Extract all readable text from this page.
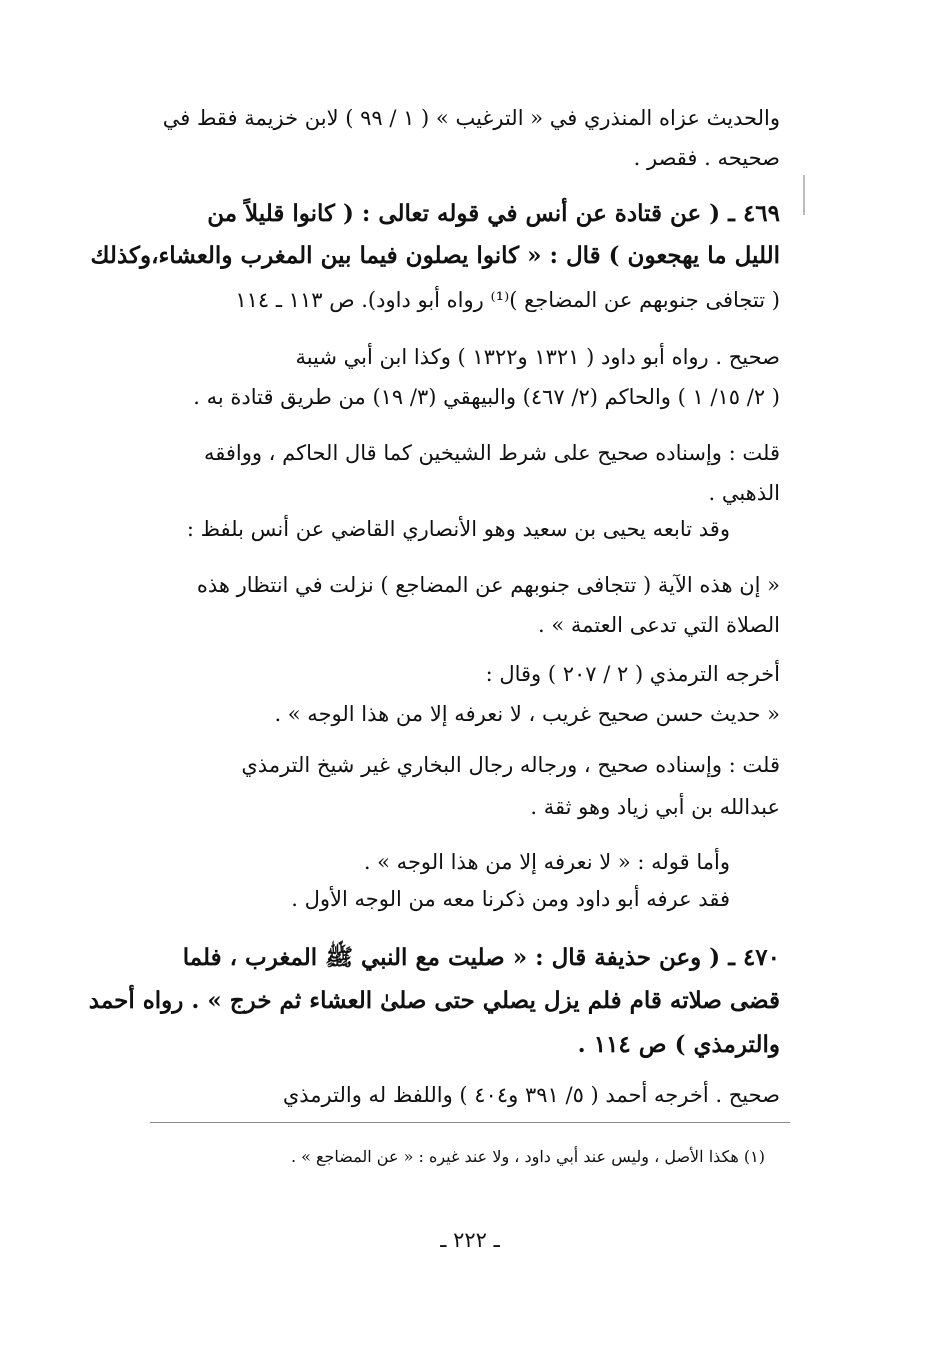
والحديث عزاه المنذري في « الترغيب » ( ١ / ٩٩ ) لابن خزيمة فقط في
صحيحه . فقصر .
٤٦٩ ـ ( عن قتادة عن أنس في قوله تعالى : ( كانوا قليلاً من
الليل ما يهجعون ) قال : « كانوا يصلون فيما بين المغرب والعشاء،وكذلك
( تتجافى جنوبهم عن المضاجع )⁽¹⁾ رواه أبو داود). ص ١١٣ ـ ١١٤
صحيح . رواه أبو داود ( ١٣٢١ و١٣٢٢ ) وكذا ابن أبي شيبة
( ٢/ ١٥/ ١ ) والحاكم (٢/ ٤٦٧) والبيهقي (٣/ ١٩) من طريق قتادة به .
قلت : وإسناده صحيح على شرط الشيخين كما قال الحاكم ، ووافقه
الذهبي .
وقد تابعه يحيى بن سعيد وهو الأنصاري القاضي عن أنس بلفظ :
« إن هذه الآية ( تتجافى جنوبهم عن المضاجع ) نزلت في انتظار هذه
الصلاة التي تدعى العتمة » .
أخرجه الترمذي ( ٢ / ٢٠٧ ) وقال :
« حديث حسن صحيح غريب ، لا نعرفه إلا من هذا الوجه » .
قلت : وإسناده صحيح ، ورجاله رجال البخاري غير شيخ الترمذي
عبدالله بن أبي زياد وهو ثقة .
وأما قوله : « لا نعرفه إلا من هذا الوجه » .
فقد عرفه أبو داود ومن ذكرنا معه من الوجه الأول .
٤٧٠ ـ ( وعن حذيفة قال : « صليت مع النبي ﷺ المغرب ، فلما
قضى صلاته قام فلم يزل يصلي حتى صلىٰ العشاء ثم خرج » . رواه أحمد
والترمذي ) ص ١١٤ .
صحيح . أخرجه أحمد ( ٥/ ٣٩١ و٤٠٤ ) واللفظ له والترمذي
(١) هكذا الأصل ، وليس عند أبي داود ، ولا عند غيره : « عن المضاجع » .
ـ ٢٢٢ ـ
